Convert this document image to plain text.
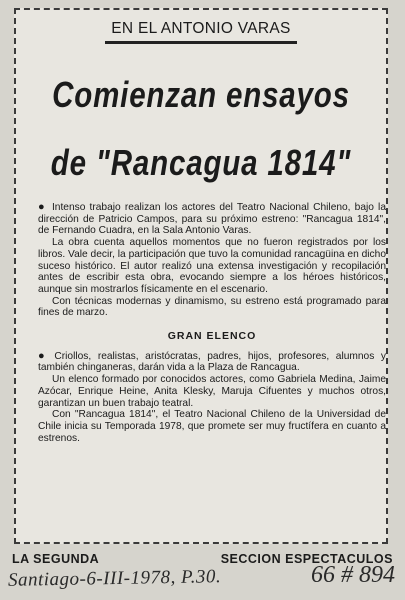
EN EL ANTONIO VARAS
Comienzan ensayos
de "Rancagua 1814"

● Intenso trabajo realizan los actores del Teatro Nacional Chileno, bajo la dirección de Patricio Campos, para su próximo estreno: "Rancagua 1814", de Fernando Cuadra, en la Sala Antonio Varas.

La obra cuenta aquellos momentos que no fueron registrados por los libros. Vale decir, la participación que tuvo la comunidad rancagüina en dicho suceso histórico. El autor realizó una extensa investigación y recopilación antes de escribir esta obra, evocando siempre a los héroes históricos, aunque sin mostrarlos físicamente en el escenario.

Con técnicas modernas y dinamismo, su estreno está programado para fines de marzo.

GRAN ELENCO

● Criollos, realistas, aristócratas, padres, hijos, profesores, alumnos y también chinganeras, darán vida a la Plaza de Rancagua.

Un elenco formado por conocidos actores, como Gabriela Medina, Jaime Azócar, Enrique Heine, Anita Klesky, Maruja Cifuentes y muchos otros, garantizan un buen trabajo teatral.

Con "Rancagua 1814", el Teatro Nacional Chileno de la Universidad de Chile inicia su Temporada 1978, que promete ser muy fructífera en cuanto a estrenos.

LA SEGUNDA	SECCION ESPECTACULOS
Santiago-6-III-1978, P.30.	66 # 894
